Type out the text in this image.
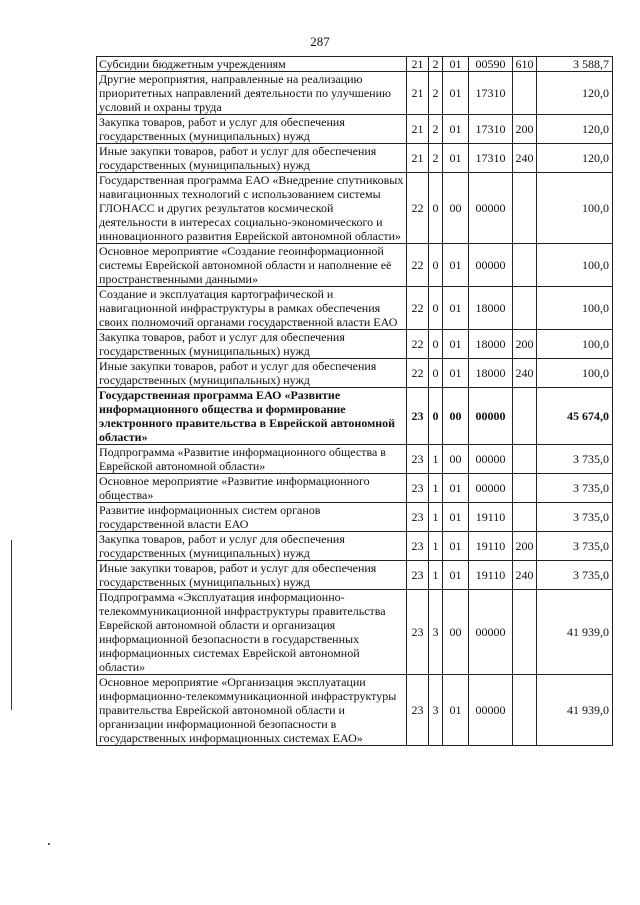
287
Субсидии бюджетным учреждениям	21	2	01	00590	610	3 588,7
Другие мероприятия, направленные на реализацию приоритетных направлений деятельности по улучшению условий и охраны труда	21	2	01	17310		120,0
Закупка товаров, работ и услуг для обеспечения государственных (муниципальных) нужд	21	2	01	17310	200	120,0
Иные закупки товаров, работ и услуг для обеспечения государственных (муниципальных) нужд	21	2	01	17310	240	120,0
Государственная программа ЕАО «Внедрение спутниковых навигационных технологий с использованием системы ГЛОНАСС и других результатов космической деятельности в интересах социально-экономического и инновационного развития Еврейской автономной области»	22	0	00	00000		100,0
Основное мероприятие «Создание геоинформационной системы Еврейской автономной области и наполнение её пространственными данными»	22	0	01	00000		100,0
Создание и эксплуатация картографической и навигационной инфраструктуры в рамках обеспечения своих полномочий органами государственной власти ЕАО	22	0	01	18000		100,0
Закупка товаров, работ и услуг для обеспечения государственных (муниципальных) нужд	22	0	01	18000	200	100,0
Иные закупки товаров, работ и услуг для обеспечения государственных (муниципальных) нужд	22	0	01	18000	240	100,0
Государственная программа ЕАО «Развитие информационного общества и формирование электронного правительства в Еврейской автономной области»	23	0	00	00000		45 674,0
Подпрограмма «Развитие информационного общества в Еврейской автономной области»	23	1	00	00000		3 735,0
Основное мероприятие «Развитие информационного общества»	23	1	01	00000		3 735,0
Развитие информационных систем органов государственной власти ЕАО	23	1	01	19110		3 735,0
Закупка товаров, работ и услуг для обеспечения государственных (муниципальных) нужд	23	1	01	19110	200	3 735,0
Иные закупки товаров, работ и услуг для обеспечения государственных (муниципальных) нужд	23	1	01	19110	240	3 735,0
Подпрограмма «Эксплуатация информационно-телекоммуникационной инфраструктуры правительства Еврейской автономной области и организация информационной безопасности в государственных информационных системах Еврейской автономной области»	23	3	00	00000		41 939,0
Основное мероприятие «Организация эксплуатации информационно-телекоммуникационной инфраструктуры правительства Еврейской автономной области и организации информационной безопасности в государственных информационных системах ЕАО»	23	3	01	00000		41 939,0
